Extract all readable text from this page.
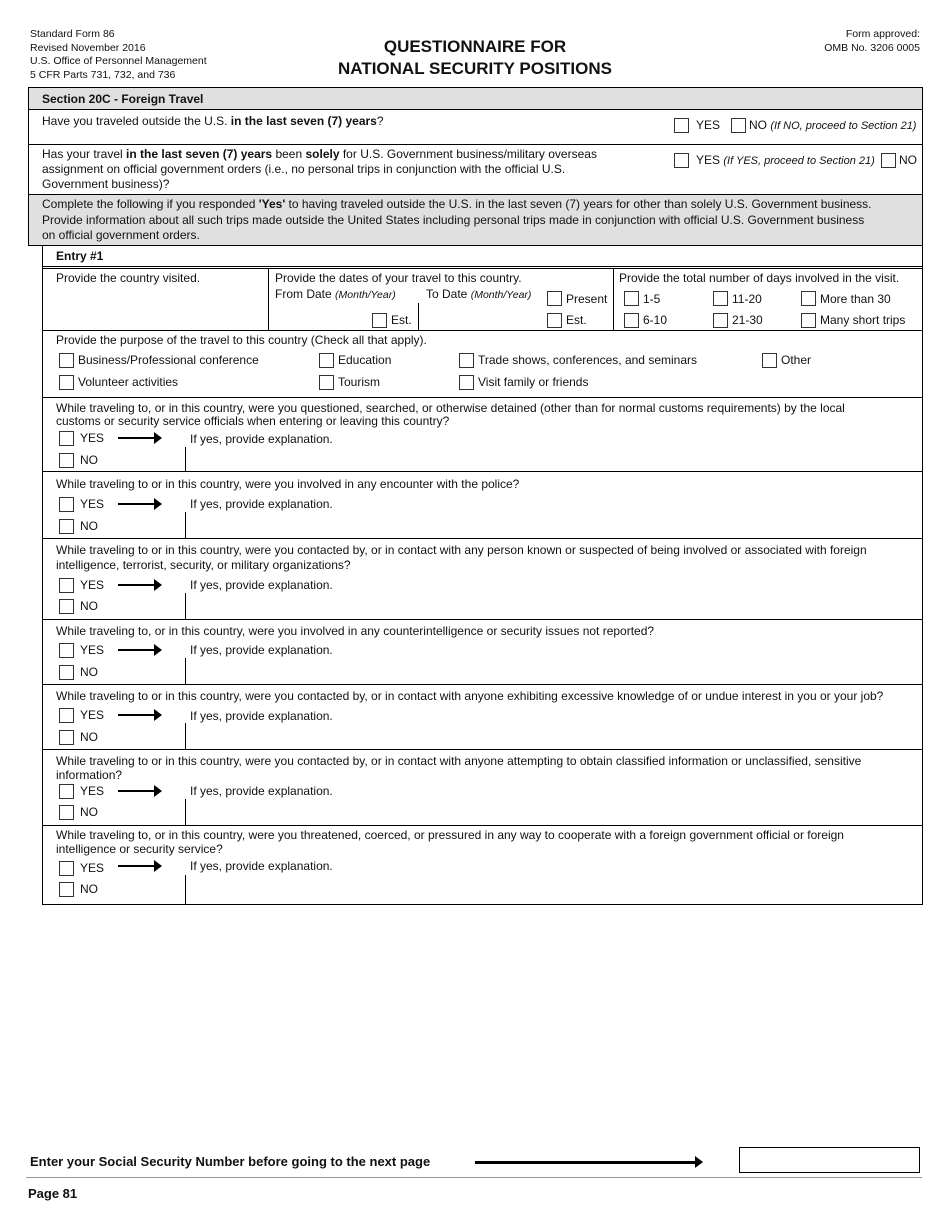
Standard Form 86
Revised November 2016
U.S. Office of Personnel Management
5 CFR Parts 731, 732, and 736
QUESTIONNAIRE FOR
NATIONAL SECURITY POSITIONS
Form approved:
OMB No. 3206 0005
Section 20C - Foreign Travel
Have you traveled outside the U.S. in the last seven (7) years?	YES NO (If NO, proceed to Section 21)
Has your travel in the last seven (7) years been solely for U.S. Government business/military overseas
assignment on official government orders (i.e., no personal trips in conjunction with the official U.S.
Government business)?
YES (If YES, proceed to Section 21) NO
Complete the following if you responded 'Yes' to having traveled outside the U.S. in the last seven (7) years for other than solely U.S. Government business.
Provide information about all such trips made outside the United States including personal trips made in conjunction with official U.S. Government business
on official government orders.
Entry #1
Provide the country visited.	Provide the dates of your travel to this country.
From Date (Month/Year)	To Date (Month/Year)	Present
Est.	Est.
Provide the total number of days involved in the visit.
1-5	11-20	More than 30
6-10	21-30	Many short trips
Provide the purpose of the travel to this country (Check all that apply).
Business/Professional conference	Education	Trade shows, conferences, and seminars	Other
Volunteer activities	Tourism	Visit family or friends
While traveling to, or in this country, were you questioned, searched, or otherwise detained (other than for normal customs requirements) by the local
customs or security service officials when entering or leaving this country?
YES	If yes, provide explanation.
NO
While traveling to or in this country, were you involved in any encounter with the police?
YES	If yes, provide explanation.
NO
While traveling to or in this country, were you contacted by, or in contact with any person known or suspected of being involved or associated with foreign
intelligence, terrorist, security, or military organizations?
YES	If yes, provide explanation.
NO
While traveling to, or in this country, were you involved in any counterintelligence or security issues not reported?
YES	If yes, provide explanation.
NO
While traveling to or in this country, were you contacted by, or in contact with anyone exhibiting excessive knowledge of or undue interest in you or your job?
YES	If yes, provide explanation.
NO
While traveling to or in this country, were you contacted by, or in contact with anyone attempting to obtain classified information or unclassified, sensitive
information?
YES	If yes, provide explanation.
NO
While traveling to, or in this country, were you threatened, coerced, or pressured in any way to cooperate with a foreign government official or foreign
intelligence or security service?
YES	If yes, provide explanation.
NO
Enter your Social Security Number before going to the next page
Page 81
